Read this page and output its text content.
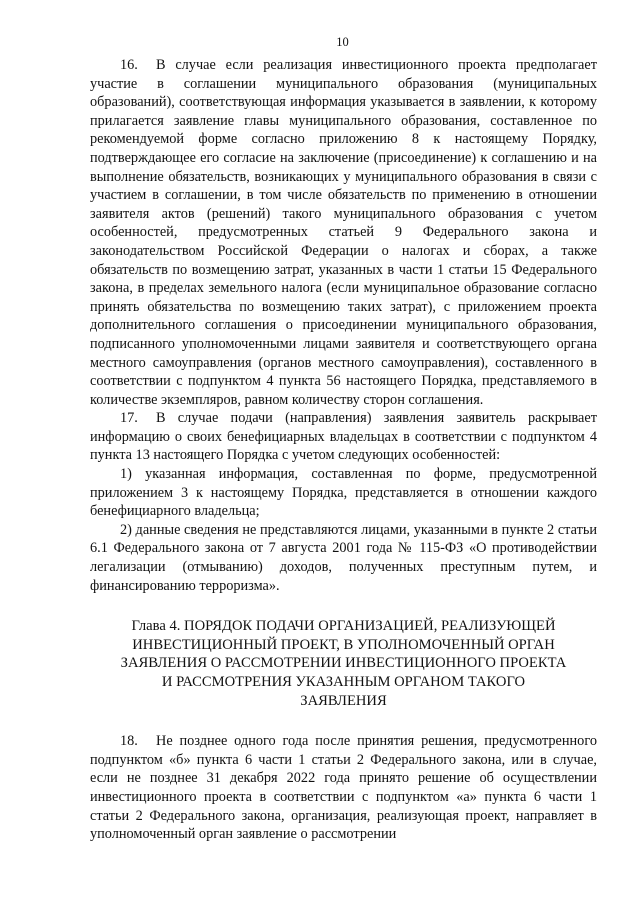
10

16. В случае если реализация инвестиционного проекта предполагает участие в соглашении муниципального образования (муниципальных образований), соответствующая информация указывается в заявлении, к которому прилагается заявление главы муниципального образования, составленное по рекомендуемой форме согласно приложению 8 к настоящему Порядку, подтверждающее его согласие на заключение (присоединение) к соглашению и на выполнение обязательств, возникающих у муниципального образования в связи с участием в соглашении, в том числе обязательств по применению в отношении заявителя актов (решений) такого муниципального образования с учетом особенностей, предусмотренных статьей 9 Федерального закона и законодательством Российской Федерации о налогах и сборах, а также обязательств по возмещению затрат, указанных в части 1 статьи 15 Федерального закона, в пределах земельного налога (если муниципальное образование согласно принять обязательства по возмещению таких затрат), с приложением проекта дополнительного соглашения о присоединении муниципального образования, подписанного уполномоченными лицами заявителя и соответствующего органа местного самоуправления (органов местного самоуправления), составленного в соответствии с подпунктом 4 пункта 56 настоящего Порядка, представляемого в количестве экземпляров, равном количеству сторон соглашения.

17. В случае подачи (направления) заявления заявитель раскрывает информацию о своих бенефициарных владельцах в соответствии с подпунктом 4 пункта 13 настоящего Порядка с учетом следующих особенностей:

1) указанная информация, составленная по форме, предусмотренной приложением 3 к настоящему Порядка, представляется в отношении каждого бенефициарного владельца;

2) данные сведения не представляются лицами, указанными в пункте 2 статьи 6.1 Федерального закона от 7 августа 2001 года № 115-ФЗ «О противодействии легализации (отмыванию) доходов, полученных преступным путем, и финансированию терроризма».

Глава 4. ПОРЯДОК ПОДАЧИ ОРГАНИЗАЦИЕЙ, РЕАЛИЗУЮЩЕЙ
ИНВЕСТИЦИОННЫЙ ПРОЕКТ, В УПОЛНОМОЧЕННЫЙ ОРГАН
ЗАЯВЛЕНИЯ О РАССМОТРЕНИИ ИНВЕСТИЦИОННОГО ПРОЕКТА
И РАССМОТРЕНИЯ УКАЗАННЫМ ОРГАНОМ ТАКОГО
ЗАЯВЛЕНИЯ

18. Не позднее одного года после принятия решения, предусмотренного подпунктом «б» пункта 6 части 1 статьи 2 Федерального закона, или в случае, если не позднее 31 декабря 2022 года принято решение об осуществлении инвестиционного проекта в соответствии с подпунктом «а» пункта 6 части 1 статьи 2 Федерального закона, организация, реализующая проект, направляет в уполномоченный орган заявление о рассмотрении
